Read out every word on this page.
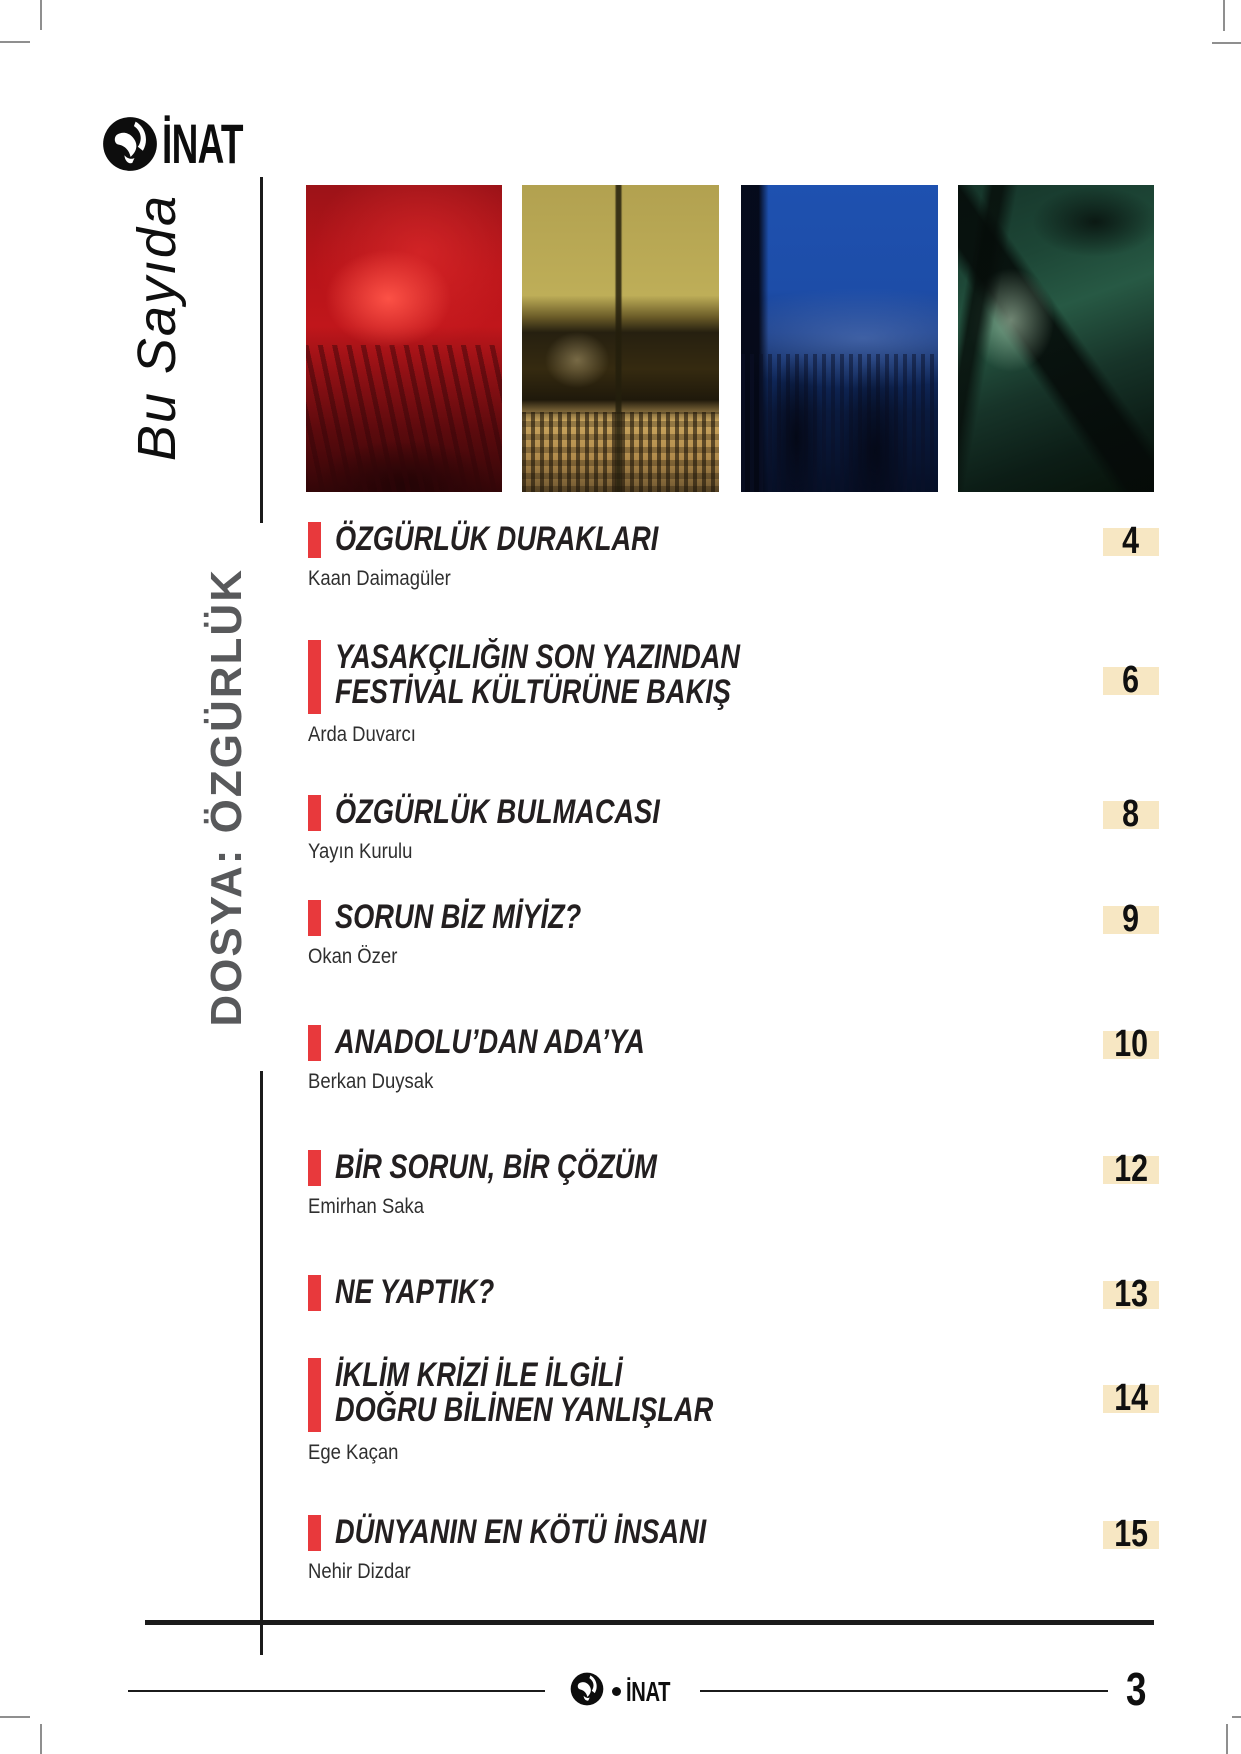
İNAT
Bu Sayıda
DOSYA: ÖZGÜRLÜK
ÖZGÜRLÜK DURAKLARI
Kaan Daimagüler
4
YASAKÇILIĞIN SON YAZINDAN
FESTİVAL KÜLTÜRÜNE BAKIŞ
Arda Duvarcı
6
ÖZGÜRLÜK BULMACASI
Yayın Kurulu
8
SORUN BİZ MİYİZ?
Okan Özer
9
ANADOLU’DAN ADA’YA
Berkan Duysak
10
BİR SORUN, BİR ÇÖZÜM
Emirhan Saka
12
NE YAPTIK?	13
İKLİM KRİZİ İLE İLGİLİ
DOĞRU BİLİNEN YANLIŞLAR
Ege Kaçan
14
DÜNYANIN EN KÖTÜ İNSANI
Nehir Dizdar
15
İNAT	3
